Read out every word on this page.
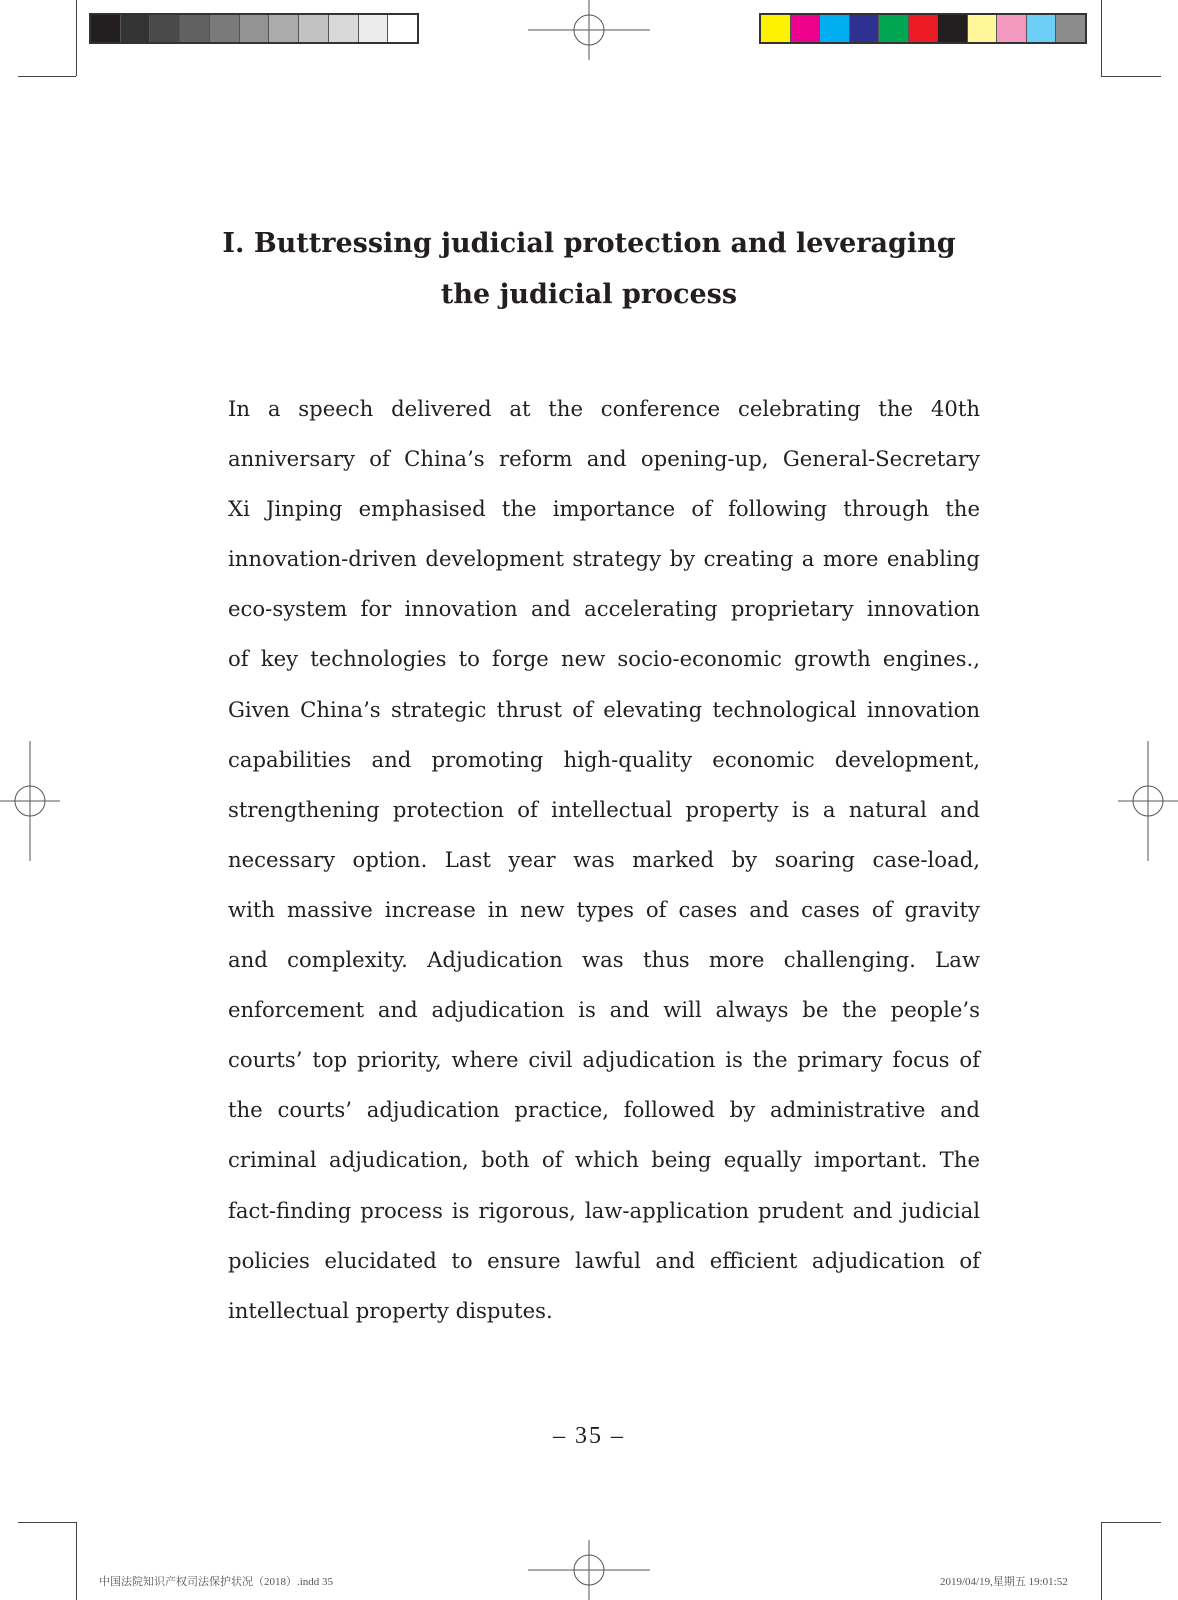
I. Buttressing judicial protection and leveraging
the judicial process
In a speech delivered at the conference celebrating the 40th
anniversary of China’s reform and opening-up, General-Secretary
Xi Jinping emphasised the importance of following through the
innovation-driven development strategy by creating a more enabling
eco-system for innovation and accelerating proprietary innovation
of key technologies to forge new socio-economic growth engines.,
Given China’s strategic thrust of elevating technological innovation
capabilities and promoting high-quality economic development,
strengthening protection of intellectual property is a natural and
necessary option. Last year was marked by soaring case-load,
with massive increase in new types of cases and cases of gravity
and complexity. Adjudication was thus more challenging. Law
enforcement and adjudication is and will always be the people’s
courts’ top priority, where civil adjudication is the primary focus of
the courts’ adjudication practice, followed by administrative and
criminal adjudication, both of which being equally important. The
fact-finding process is rigorous, law-application prudent and judicial
policies elucidated to ensure lawful and efficient adjudication of
intellectual property disputes.
– 35 –
中国法院知识产权司法保护状况（2018）.indd 35	2019/04/19,星期五 19:01:52
